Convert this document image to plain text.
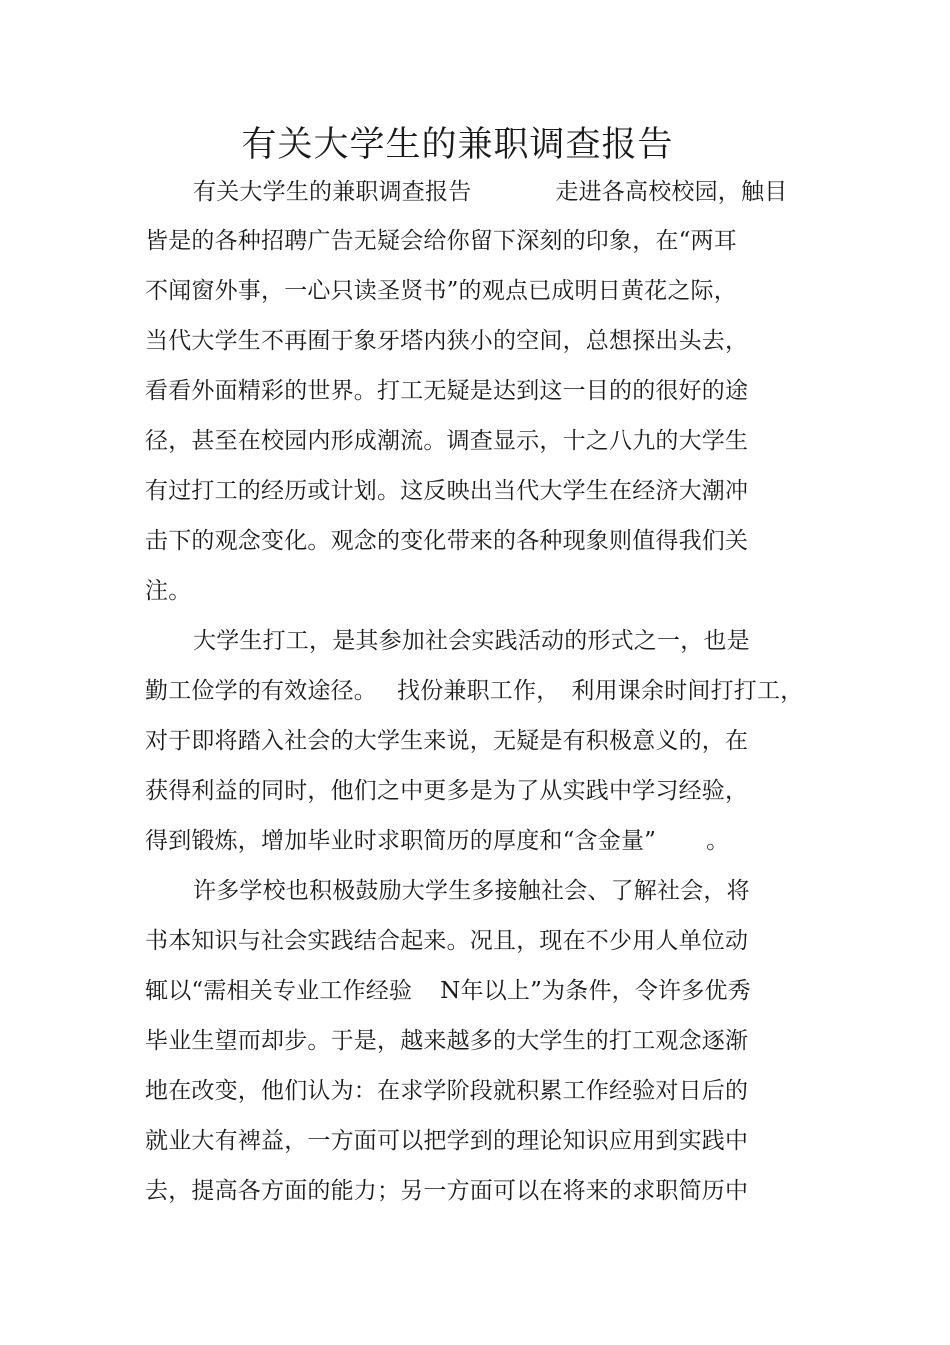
有关大学生的兼职调查报告
有关大学生的兼职调查报告	走进各高校校园，触目
皆是的各种招聘广告无疑会给你留下深刻的印象，在“两耳
不闻窗外事，一心只读圣贤书”的观点已成明日黄花之际，
当代大学生不再囿于象牙塔内狭小的空间，总想探出头去，
看看外面精彩的世界。打工无疑是达到这一目的的很好的途
径，甚至在校园内形成潮流。调查显示，十之八九的大学生
有过打工的经历或计划。这反映出当代大学生在经济大潮冲
击下的观念变化。观念的变化带来的各种现象则值得我们关
注。
大学生打工，是其参加社会实践活动的形式之一，也是
勤工俭学的有效途径。 找份兼职工作， 利用课余时间打打工，
对于即将踏入社会的大学生来说，无疑是有积极意义的，在
获得利益的同时，他们之中更多是为了从实践中学习经验，
得到锻炼，增加毕业时求职简历的厚度和“含金量” 。
许多学校也积极鼓励大学生多接触社会、了解社会，将
书本知识与社会实践结合起来。况且，现在不少用人单位动
辄以“需相关专业工作经验 N年以上”为条件，令许多优秀
毕业生望而却步。于是，越来越多的大学生的打工观念逐渐
地在改变，他们认为：在求学阶段就积累工作经验对日后的
就业大有裨益，一方面可以把学到的理论知识应用到实践中
去，提高各方面的能力；另一方面可以在将来的求职简历中
